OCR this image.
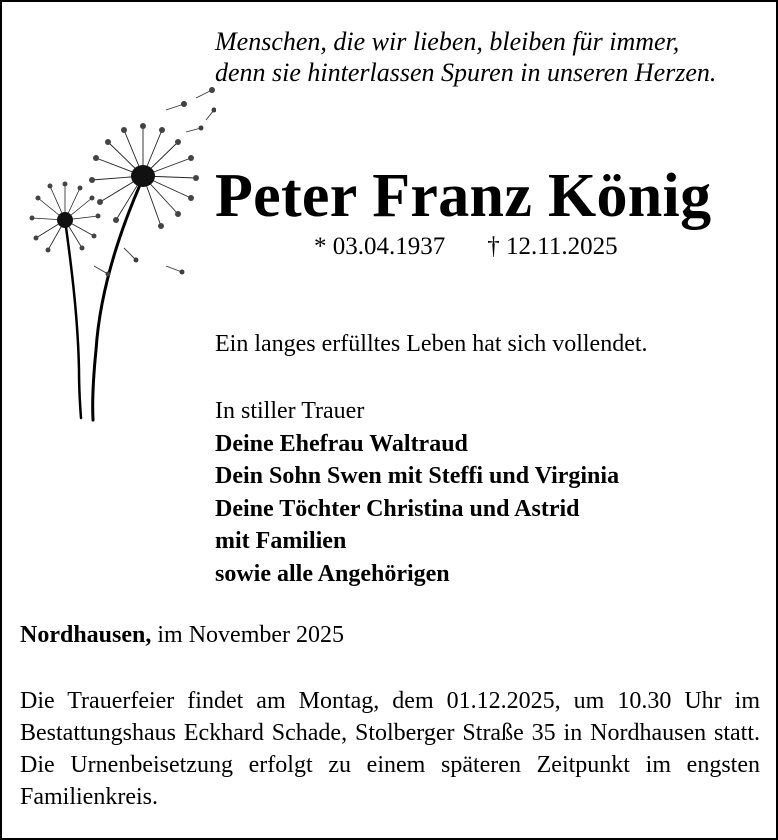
Menschen, die wir lieben, bleiben für immer,
denn sie hinterlassen Spuren in unseren Herzen.
Peter Franz König
* 03.04.1937 † 12.11.2025
Ein langes erfülltes Leben hat sich vollendet.
In stiller Trauer
Deine Ehefrau Waltraud
Dein Sohn Swen mit Steffi und Virginia
Deine Töchter Christina und Astrid
mit Familien
sowie alle Angehörigen
Nordhausen, im November 2025
Die Trauerfeier findet am Montag, dem 01.12.2025, um 10.30 Uhr im Bestattungshaus Eckhard Schade, Stolberger Straße 35 in Nordhausen statt. Die Urnenbeisetzung erfolgt zu einem späteren Zeitpunkt im engsten Familienkreis.
